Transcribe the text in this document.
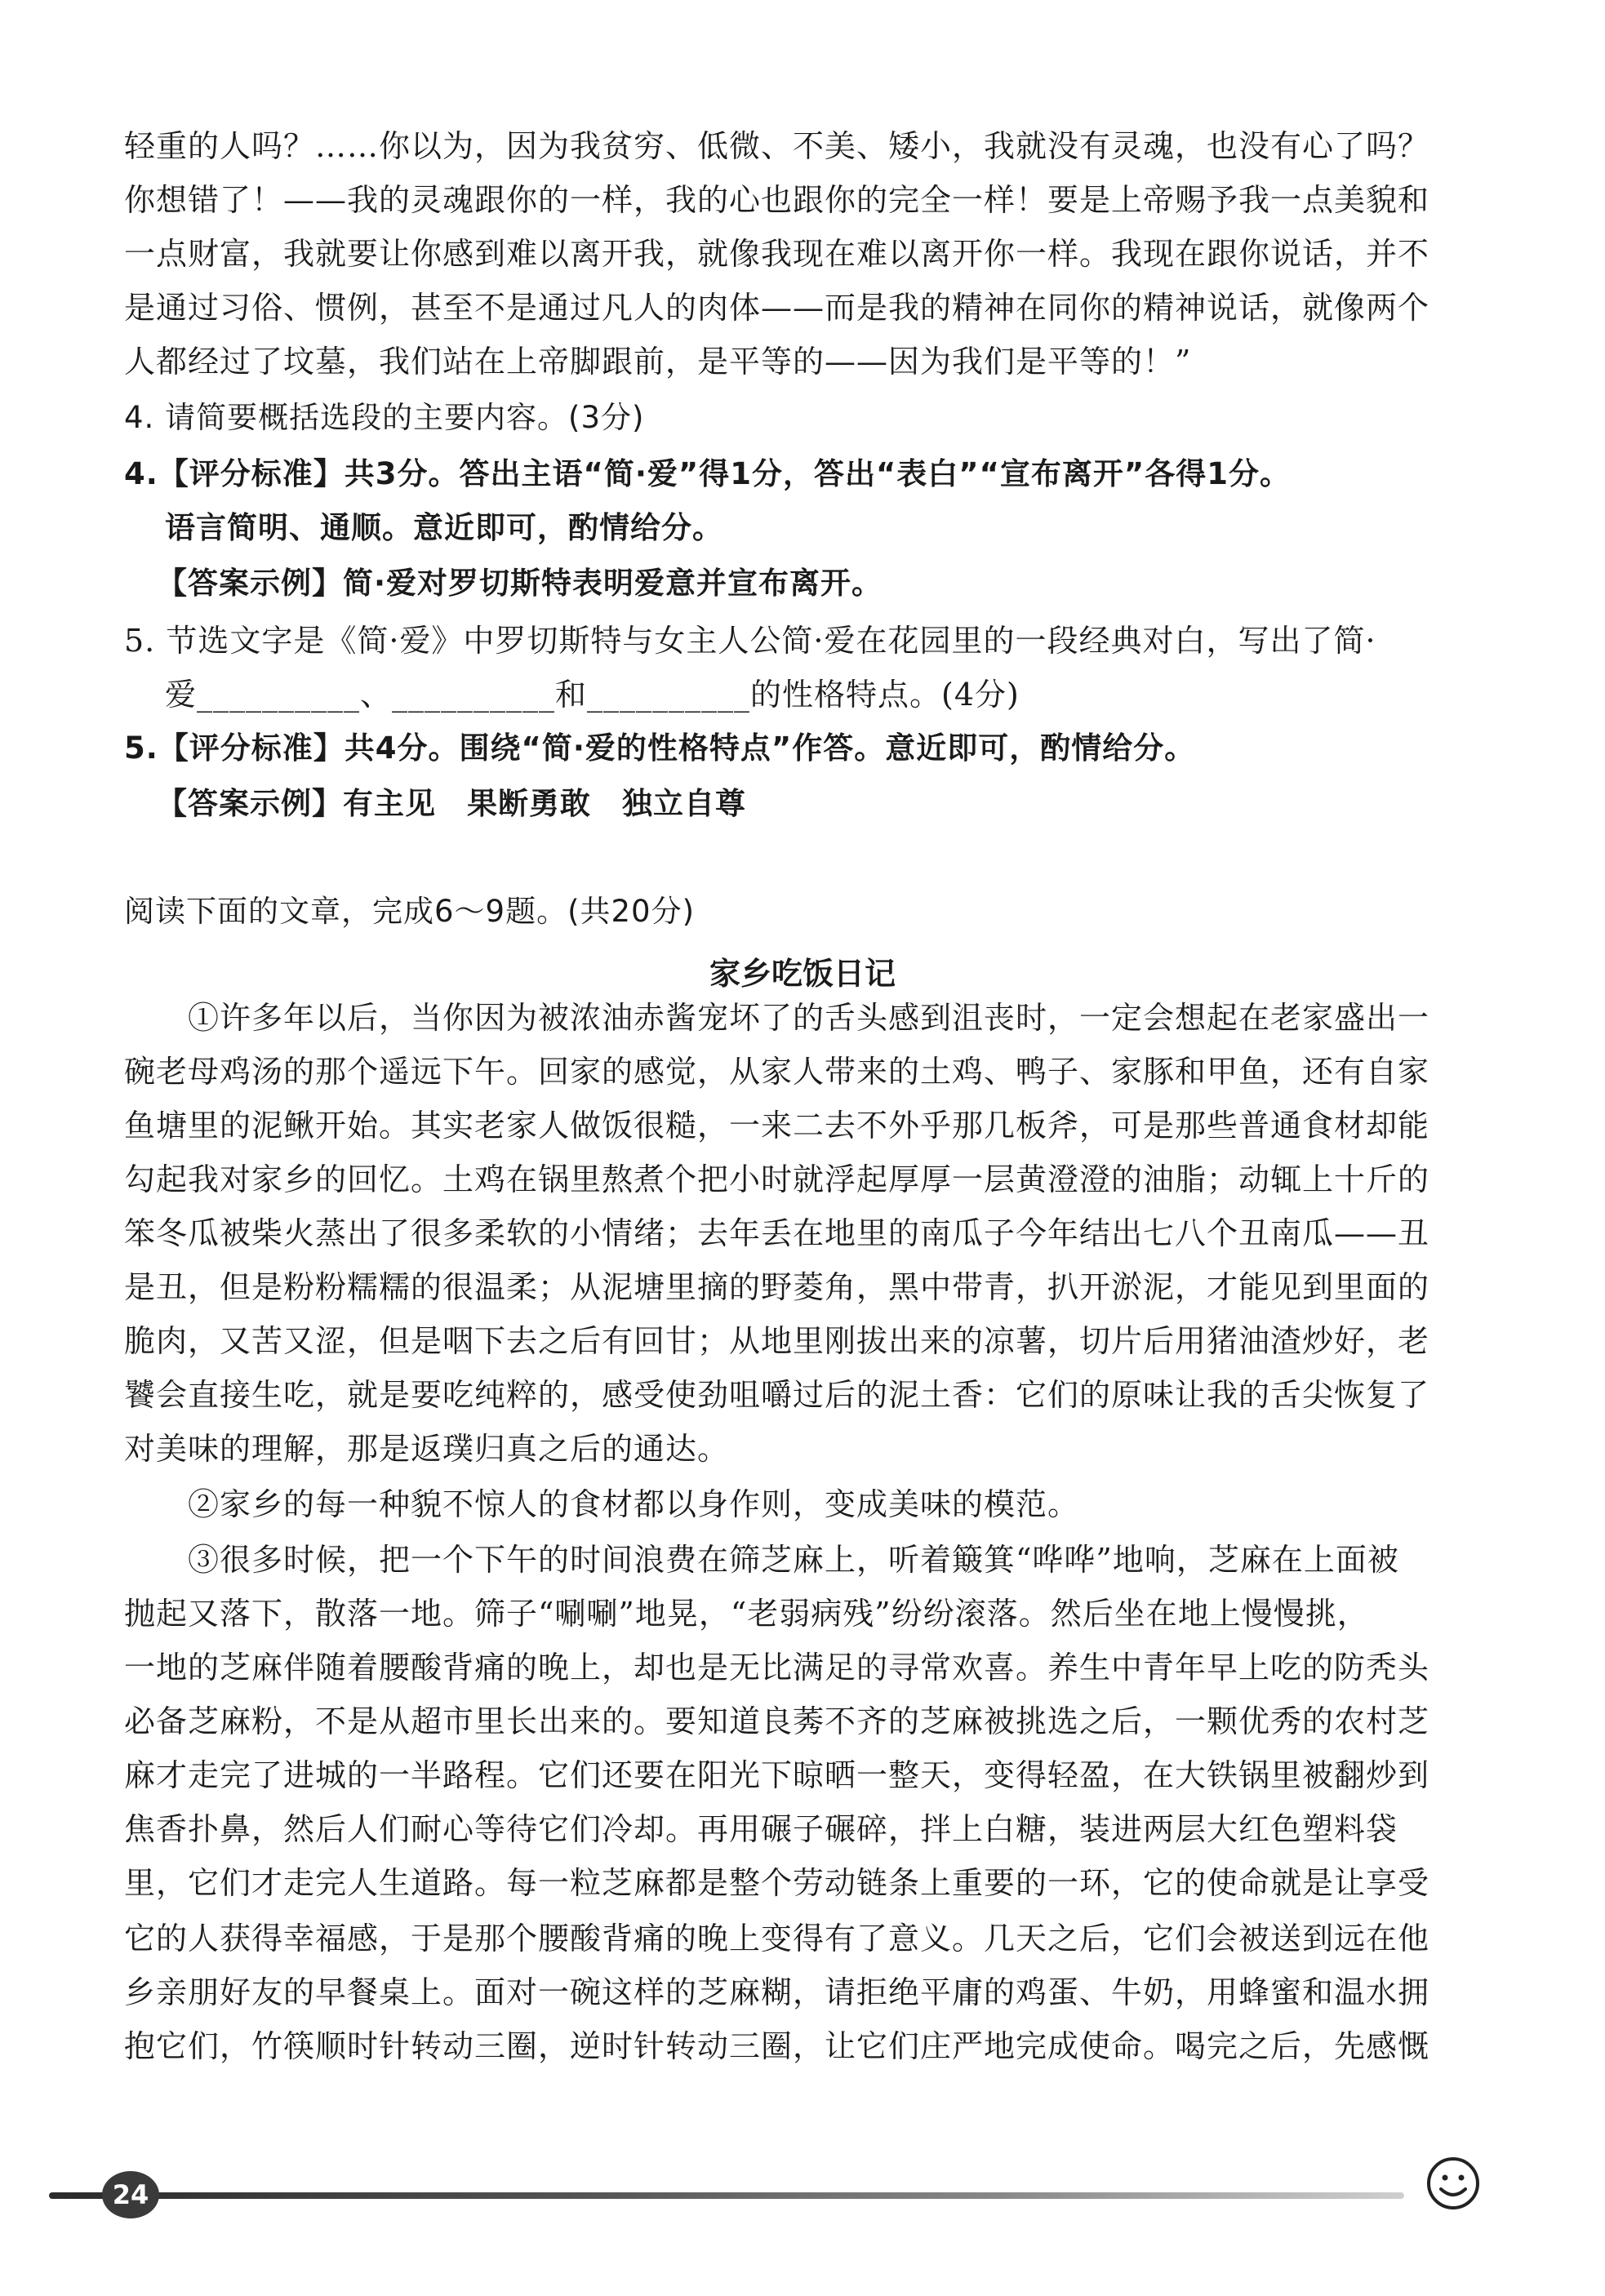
轻重的人吗？……你以为，因为我贫穷、低微、不美、矮小，我就没有灵魂，也没有心了吗？
你想错了！——我的灵魂跟你的一样，我的心也跟你的完全一样！要是上帝赐予我一点美貌和
一点财富，我就要让你感到难以离开我，就像我现在难以离开你一样。我现在跟你说话，并不
是通过习俗、惯例，甚至不是通过凡人的肉体——而是我的精神在同你的精神说话，就像两个
人都经过了坟墓，我们站在上帝脚跟前，是平等的——因为我们是平等的！”
4. 请简要概括选段的主要内容。(3分)
4.【评分标准】共3分。答出主语“简·爱”得1分，答出“表白”“宣布离开”各得1分。
语言简明、通顺。意近即可，酌情给分。
【答案示例】简·爱对罗切斯特表明爱意并宣布离开。
5. 节选文字是《简·爱》中罗切斯特与女主人公简·爱在花园里的一段经典对白，写出了简·
爱__________、__________和__________的性格特点。(4分)
5.【评分标准】共4分。围绕“简·爱的性格特点”作答。意近即可，酌情给分。
【答案示例】有主见　果断勇敢　独立自尊
阅读下面的文章，完成6～9题。(共20分)
家乡吃饭日记
　　①许多年以后，当你因为被浓油赤酱宠坏了的舌头感到沮丧时，一定会想起在老家盛出一
碗老母鸡汤的那个遥远下午。回家的感觉，从家人带来的土鸡、鸭子、家豚和甲鱼，还有自家
鱼塘里的泥鳅开始。其实老家人做饭很糙，一来二去不外乎那几板斧，可是那些普通食材却能
勾起我对家乡的回忆。土鸡在锅里熬煮个把小时就浮起厚厚一层黄澄澄的油脂；动辄上十斤的
笨冬瓜被柴火蒸出了很多柔软的小情绪；去年丢在地里的南瓜子今年结出七八个丑南瓜——丑
是丑，但是粉粉糯糯的很温柔；从泥塘里摘的野菱角，黑中带青，扒开淤泥，才能见到里面的
脆肉，又苦又涩，但是咽下去之后有回甘；从地里刚拔出来的凉薯，切片后用猪油渣炒好，老
饕会直接生吃，就是要吃纯粹的，感受使劲咀嚼过后的泥土香：它们的原味让我的舌尖恢复了
对美味的理解，那是返璞归真之后的通达。
　　②家乡的每一种貌不惊人的食材都以身作则，变成美味的模范。
　　③很多时候，把一个下午的时间浪费在筛芝麻上，听着簸箕“哗哗”地响，芝麻在上面被
抛起又落下，散落一地。筛子“唰唰”地晃，“老弱病残”纷纷滚落。然后坐在地上慢慢挑，
一地的芝麻伴随着腰酸背痛的晚上，却也是无比满足的寻常欢喜。养生中青年早上吃的防秃头
必备芝麻粉，不是从超市里长出来的。要知道良莠不齐的芝麻被挑选之后，一颗优秀的农村芝
麻才走完了进城的一半路程。它们还要在阳光下晾晒一整天，变得轻盈，在大铁锅里被翻炒到
焦香扑鼻，然后人们耐心等待它们冷却。再用碾子碾碎，拌上白糖，装进两层大红色塑料袋
里，它们才走完人生道路。每一粒芝麻都是整个劳动链条上重要的一环，它的使命就是让享受
它的人获得幸福感，于是那个腰酸背痛的晚上变得有了意义。几天之后，它们会被送到远在他
乡亲朋好友的早餐桌上。面对一碗这样的芝麻糊，请拒绝平庸的鸡蛋、牛奶，用蜂蜜和温水拥
抱它们，竹筷顺时针转动三圈，逆时针转动三圈，让它们庄严地完成使命。喝完之后，先感慨
24
